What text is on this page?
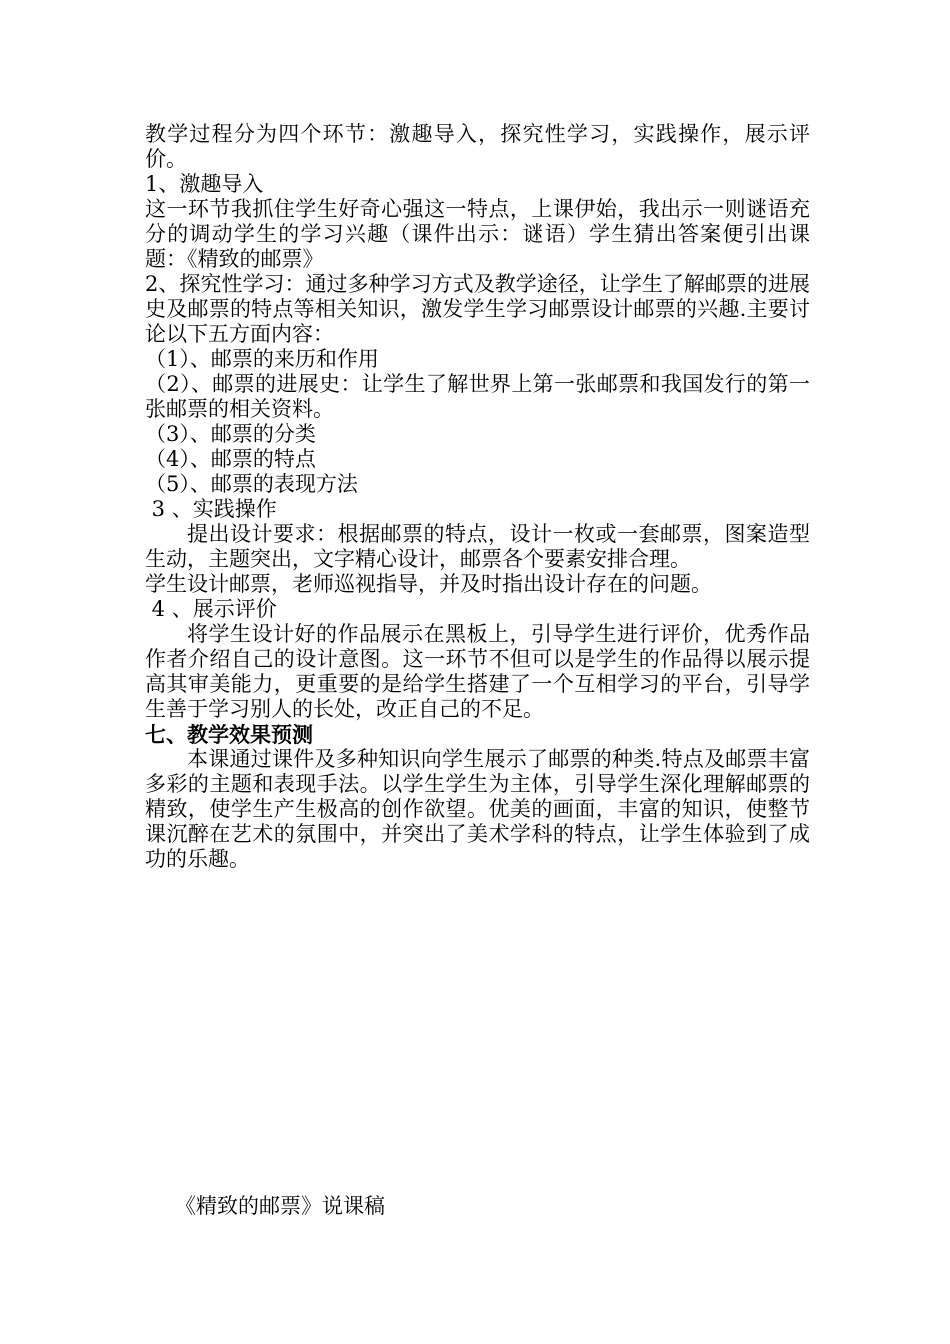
教学过程分为四个环节：激趣导入，探究性学习，实践操作，展示评价。

1、激趣导入

这一环节我抓住学生好奇心强这一特点，上课伊始，我出示一则谜语充分的调动学生的学习兴趣（课件出示：谜语）学生猜出答案便引出课题：《精致的邮票》

2、探究性学习：通过多种学习方式及教学途径，让学生了解邮票的进展史及邮票的特点等相关知识，激发学生学习邮票设计邮票的兴趣.主要讨论以下五方面内容：

（1）、邮票的来历和作用

（2）、邮票的进展史：让学生了解世界上第一张邮票和我国发行的第一张邮票的相关资料。

（3）、邮票的分类

（4）、邮票的特点

（5）、邮票的表现方法

3 、实践操作

提出设计要求：根据邮票的特点，设计一枚或一套邮票，图案造型生动，主题突出，文字精心设计，邮票各个要素安排合理。

学生设计邮票，老师巡视指导，并及时指出设计存在的问题。

4 、展示评价

将学生设计好的作品展示在黑板上，引导学生进行评价，优秀作品作者介绍自己的设计意图。这一环节不但可以是学生的作品得以展示提高其审美能力，更重要的是给学生搭建了一个互相学习的平台，引导学生善于学习别人的长处，改正自己的不足。

七、教学效果预测

本课通过课件及多种知识向学生展示了邮票的种类.特点及邮票丰富多彩的主题和表现手法。以学生学生为主体，引导学生深化理解邮票的精致，使学生产生极高的创作欲望。优美的画面，丰富的知识，使整节课沉醉在艺术的氛围中，并突出了美术学科的特点，让学生体验到了成功的乐趣。

《精致的邮票》说课稿
